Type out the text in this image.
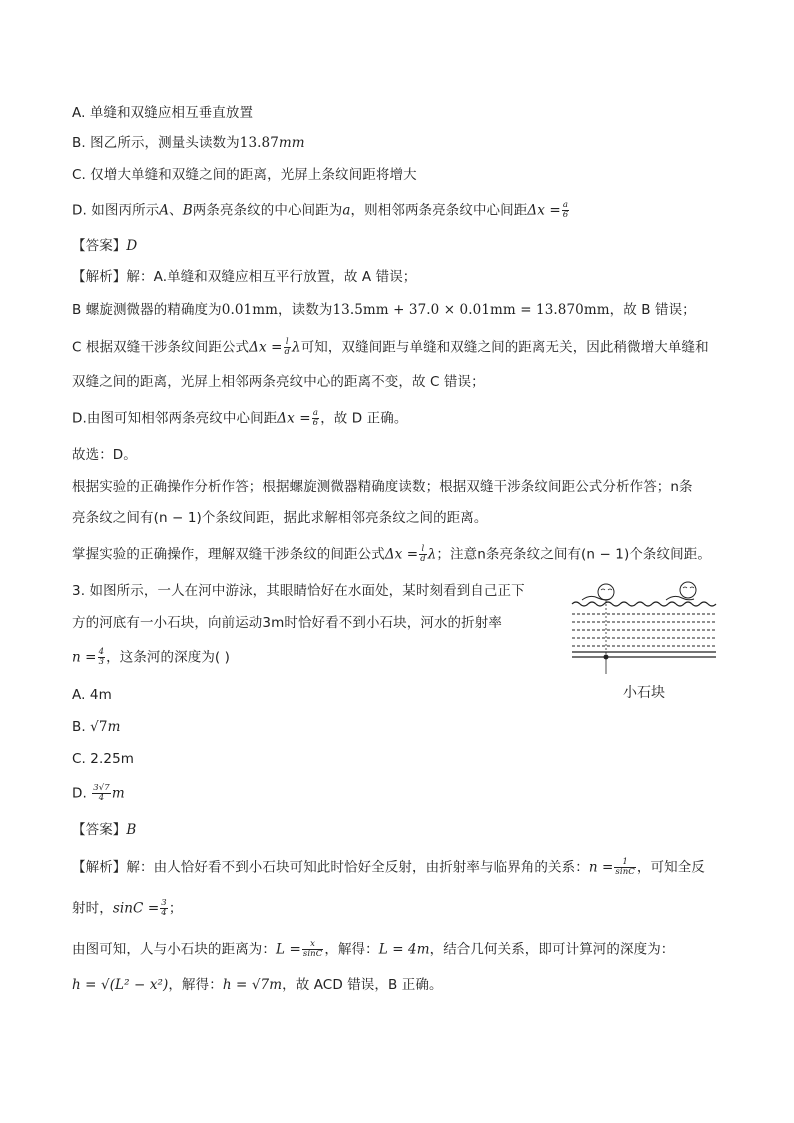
A. 单缝和双缝应相互垂直放置
B. 图乙所示，测量头读数为13.87mm
C. 仅增大单缝和双缝之间的距离，光屏上条纹间距将增大
D. 如图丙所示A、B两条亮条纹的中心间距为a，则相邻两条亮条纹中心间距$\Delta x = \frac{a}{6}$
【答案】D
【解析】解：A.单缝和双缝应相互平行放置，故 A 错误；
B 螺旋测微器的精确度为0.01mm，读数为13.5mm + 37.0 × 0.01mm = 13.870mm，故 B 错误；
C 根据双缝干涉条纹间距公式$\Delta x = \frac{l}{d}$ λ可知，双缝间距与单缝和双缝之间的距离无关，因此稍微增大单缝和
双缝之间的距离，光屏上相邻两条亮纹中心的距离不变，故 C 错误；
D.由图可知相邻两条亮纹中心间距$\Delta x = \frac{a}{6}$ ，故 D 正确。
故选：D。
根据实验的正确操作分析作答；根据螺旋测微器精确度读数；根据双缝干涉条纹间距公式分析作答；n条
亮条纹之间有(n − 1)个条纹间距，据此求解相邻亮条纹之间的距离。
掌握实验的正确操作，理解双缝干涉条纹的间距公式$\Delta x = \frac{l}{d}$ λ；注意n条亮条纹之间有(n − 1)个条纹间距。
3. 如图所示，一人在河中游泳，其眼睛恰好在水面处，某时刻看到自己正下
方的河底有一小石块，向前运动3m时恰好看不到小石块，河水的折射率
$n = \frac{4}{3}$ ，这条河的深度为( )
A. 4m
B. √7m
C. 2.25m
D. $\frac{3√7}{4}$ m
【答案】B
【解析】解：由人恰好看不到小石块可知此时恰好全反射，由折射率与临界角的关系：$n = \frac{1}{\sin C}$ ，可知全反
射时，$\sin C = \frac{3}{4}$ ；
由图可知，人与小石块的距离为：$L = \frac{x}{\sin C}$ ，解得：L = 4m，结合几何关系，即可计算河的深度为：
h = √(L² − x²)，解得：h = √7m，故 ACD 错误，B 正确。
小石块
